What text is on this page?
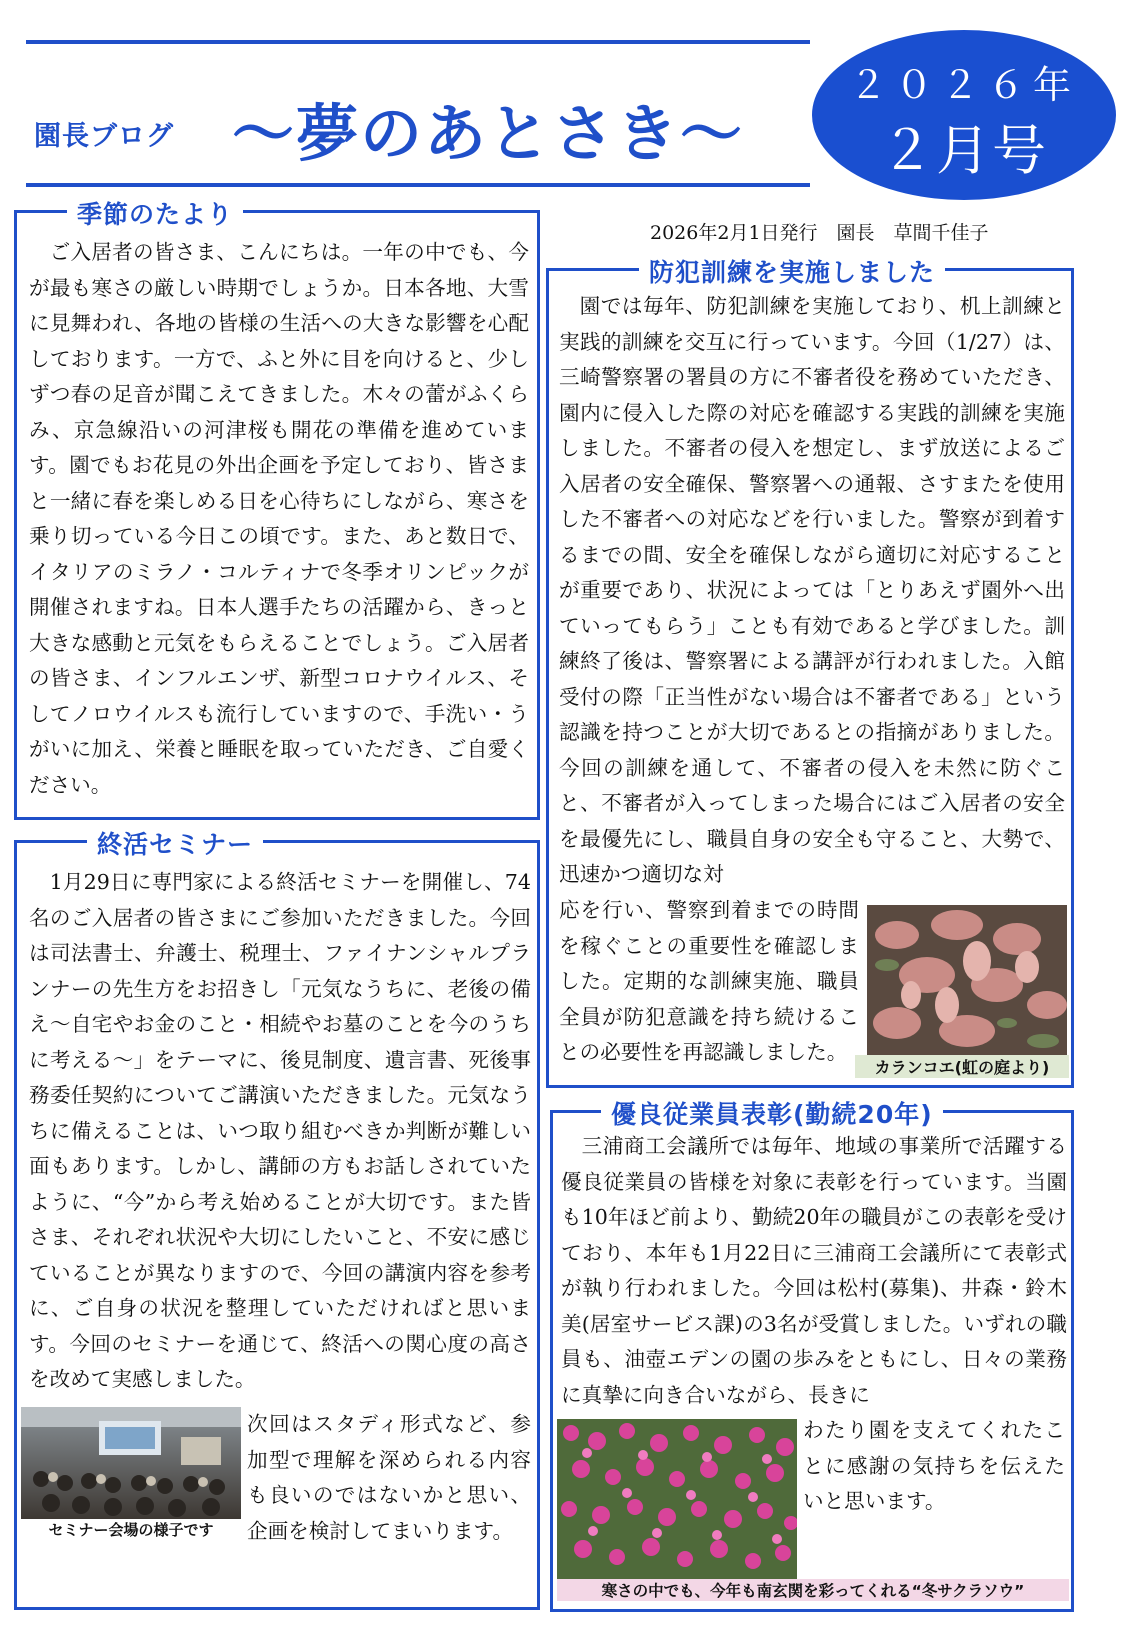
園長ブログ ～夢のあとさき～
２０２６年
２月号
2026年2月1日発行　園長　草間千佳子
季節のたより

ご入居者の皆さま、こんにちは。一年の中でも、今が最も寒さの厳しい時期でしょうか。日本各地、大雪に見舞われ、各地の皆様の生活への大きな影響を心配しております。一方で、ふと外に目を向けると、少しずつ春の足音が聞こえてきました。木々の蕾がふくらみ、京急線沿いの河津桜も開花の準備を進めています。園でもお花見の外出企画を予定しており、皆さまと一緒に春を楽しめる日を心待ちにしながら、寒さを乗り切っている今日この頃です。また、あと数日で、イタリアのミラノ・コルティナで冬季オリンピックが開催されますね。日本人選手たちの活躍から、きっと大きな感動と元気をもらえることでしょう。ご入居者の皆さま、インフルエンザ、新型コロナウイルス、そしてノロウイルスも流行していますので、手洗い・うがいに加え、栄養と睡眠を取っていただき、ご自愛ください。

終活セミナー

1月29日に専門家による終活セミナーを開催し、74名のご入居者の皆さまにご参加いただきました。今回は司法書士、弁護士、税理士、ファイナンシャルプランナーの先生方をお招きし「元気なうちに、老後の備え～自宅やお金のこと・相続やお墓のことを今のうちに考える～」をテーマに、後見制度、遺言書、死後事務委任契約についてご講演いただきました。元気なうちに備えることは、いつ取り組むべきか判断が難しい面もあります。しかし、講師の方もお話しされていたように、“今”から考え始めることが大切です。また皆さま、それぞれ状況や大切にしたいこと、不安に感じていることが異なりますので、今回の講演内容を参考に、ご自身の状況を整理していただければと思います。今回のセミナーを通じて、終活への関心度の高さを改めて実感しました。

セミナー会場の様子です

次回はスタディ形式など、参加型で理解を深められる内容も良いのではないかと思い、企画を検討してまいります。

防犯訓練を実施しました

園では毎年、防犯訓練を実施しており、机上訓練と実践的訓練を交互に行っています。今回（1/27）は、三崎警察署の署員の方に不審者役を務めていただき、園内に侵入した際の対応を確認する実践的訓練を実施しました。不審者の侵入を想定し、まず放送によるご入居者の安全確保、警察署への通報、さすまたを使用した不審者への対応などを行いました。警察が到着するまでの間、安全を確保しながら適切に対応することが重要であり、状況によっては「とりあえず園外へ出ていってもらう」ことも有効であると学びました。訓練終了後は、警察署による講評が行われました。入館受付の際「正当性がない場合は不審者である」という認識を持つことが大切であるとの指摘がありました。今回の訓練を通して、不審者の侵入を未然に防ぐこと、不審者が入ってしまった場合にはご入居者の安全を最優先にし、職員自身の安全も守ること、大勢で、迅速かつ適切な対

応を行い、警察到着までの時間を稼ぐことの重要性を確認しました。定期的な訓練実施、職員全員が防犯意識を持ち続けることの必要性を再認識しました。

カランコエ(虹の庭より)
優良従業員表彰(勤続20年)

三浦商工会議所では毎年、地域の事業所で活躍する優良従業員の皆様を対象に表彰を行っています。当園も10年ほど前より、勤続20年の職員がこの表彰を受けており、本年も1月22日に三浦商工会議所にて表彰式が執り行われました。今回は松村(募集)、井森・鈴木美(居室サービス課)の3名が受賞しました。いずれの職員も、油壺エデンの園の歩みをともにし、日々の業務に真摯に向き合いながら、長きに

わたり園を支えてくれたことに感謝の気持ちを伝えたいと思います。

寒さの中でも、今年も南玄関を彩ってくれる“冬サクラソウ”
